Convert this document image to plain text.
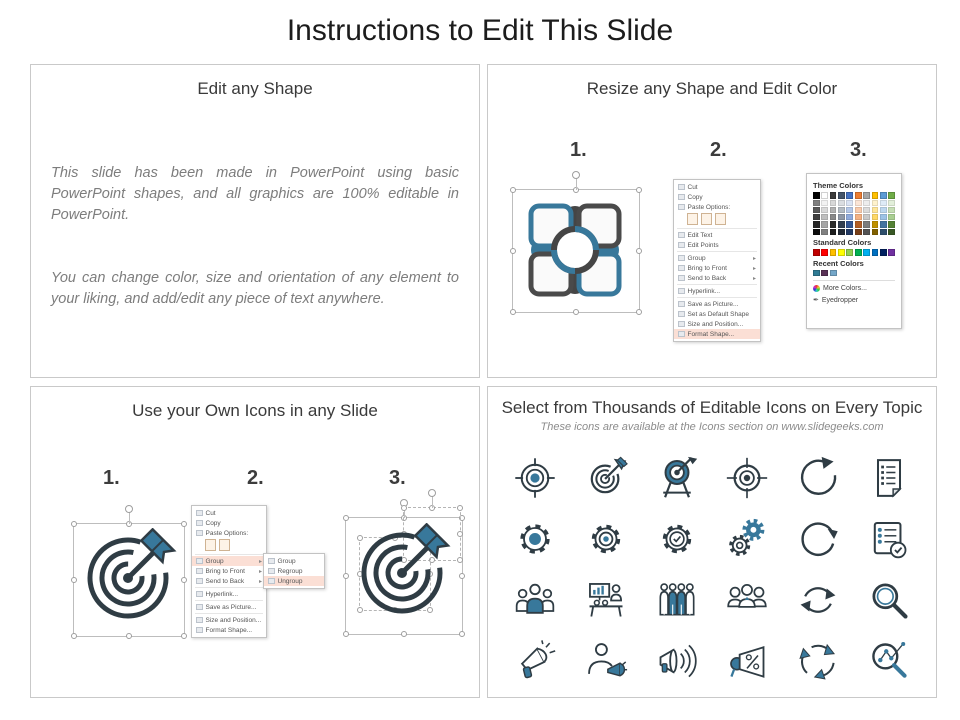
Instructions to Edit This Slide
Edit any Shape

This slide has been made in PowerPoint using basic PowerPoint shapes, and all graphics are 100% editable in PowerPoint.

You can change color, size and orientation of any element to your liking, and add/edit any piece of text anywhere.

Resize any Shape and Edit Color
1.	2.	3.
Cut
Copy
Paste Options:
Edit Text
Edit Points
Group	▸
Bring to Front	▸
Send to Back	▸
Hyperlink...
Save as Picture...
Set as Default Shape
Size and Position...
Format Shape...
Theme Colors
Standard Colors
Recent Colors
More Colors...
✒ Eyedropper
Use your Own Icons in any Slide
1.	2.	3.
Cut
Copy
Paste Options:
Group	▸ Group
Regroup
Ungroup
Bring to Front	▸
Send to Back	▸
Hyperlink...
Save as Picture...
Size and Position...
Format Shape...
Select from Thousands of Editable Icons on Every Topic
These icons are available at the Icons section on www.slidegeeks.com
